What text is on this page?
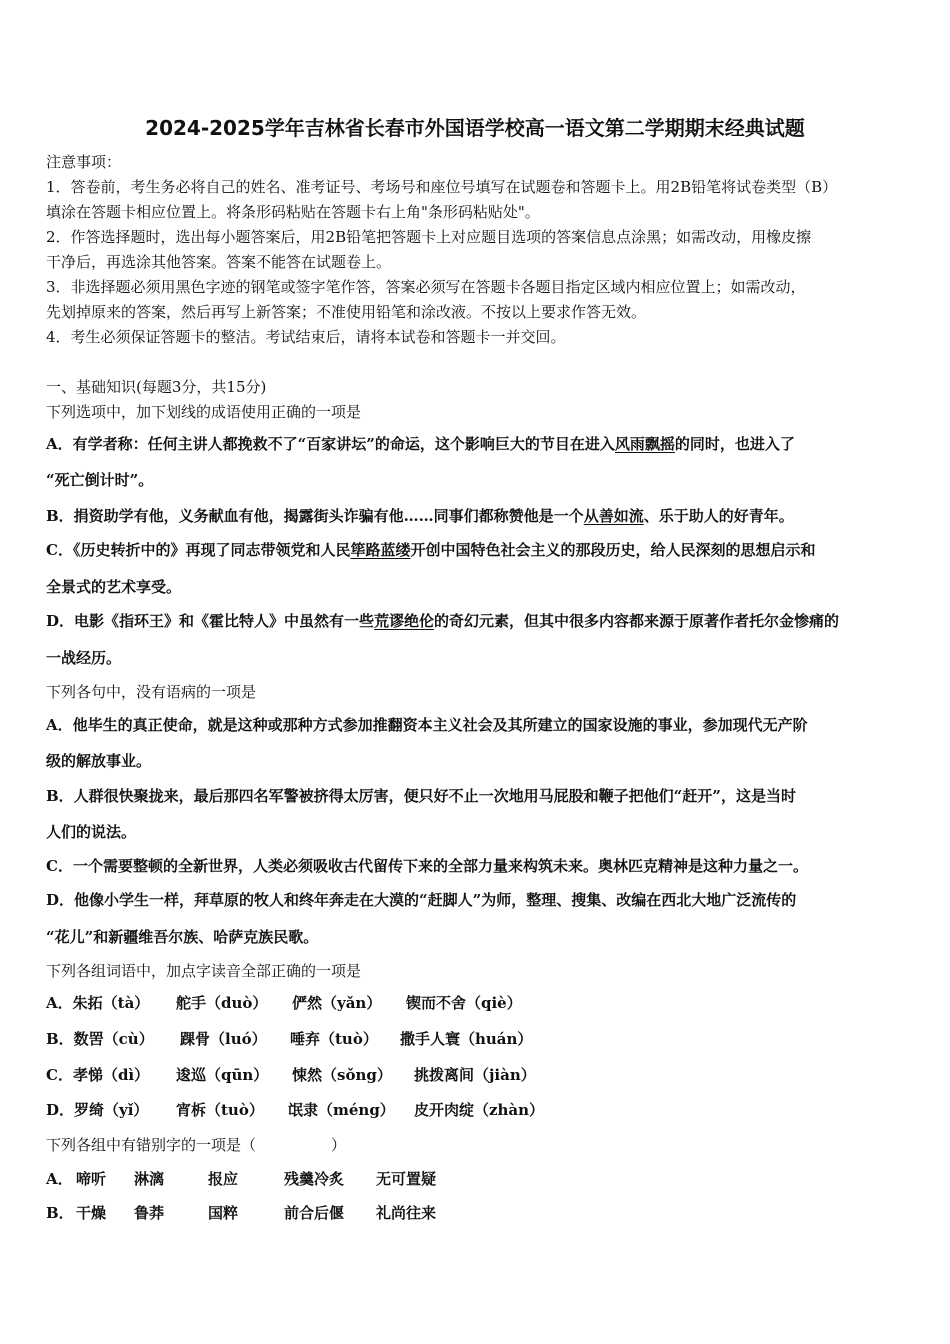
2024-2025学年吉林省长春市外国语学校高一语文第二学期期末经典试题
注意事项：
1．答卷前，考生务必将自己的姓名、准考证号、考场号和座位号填写在试题卷和答题卡上。用2B铅笔将试卷类型（B）
填涂在答题卡相应位置上。将条形码粘贴在答题卡右上角"条形码粘贴处"。
2．作答选择题时，选出每小题答案后，用2B铅笔把答题卡上对应题目选项的答案信息点涂黑；如需改动，用橡皮擦
干净后，再选涂其他答案。答案不能答在试题卷上。
3．非选择题必须用黑色字迹的钢笔或签字笔作答，答案必须写在答题卡各题目指定区域内相应位置上；如需改动，
先划掉原来的答案，然后再写上新答案；不准使用铅笔和涂改液。不按以上要求作答无效。
4．考生必须保证答题卡的整洁。考试结束后，请将本试卷和答题卡一并交回。
一、基础知识(每题3分，共15分)
下列选项中，加下划线的成语使用正确的一项是
A．有学者称：任何主讲人都挽救不了“百家讲坛”的命运，这个影响巨大的节目在进入风雨飘摇的同时，也进入了
“死亡倒计时”。
B．捐资助学有他，义务献血有他，揭露街头诈骗有他……同事们都称赞他是一个从善如流、乐于助人的好青年。
C．《历史转折中的》再现了同志带领党和人民筚路蓝缕开创中国特色社会主义的那段历史，给人民深刻的思想启示和
全景式的艺术享受。
D．电影《指环王》和《霍比特人》中虽然有一些荒谬绝伦的奇幻元素，但其中很多内容都来源于原著作者托尔金惨痛的
一战经历。
下列各句中，没有语病的一项是
A．他毕生的真正使命，就是这种或那种方式参加推翻资本主义社会及其所建立的国家设施的事业，参加现代无产阶
级的解放事业。
B．人群很快聚拢来，最后那四名军警被挤得太厉害，便只好不止一次地用马屁股和鞭子把他们“赶开”，这是当时
人们的说法。
C．一个需要整顿的全新世界，人类必须吸收古代留传下来的全部力量来构筑未来。奥林匹克精神是这种力量之一。
D．他像小学生一样，拜草原的牧人和终年奔走在大漠的“赶脚人”为师，整理、搜集、改编在西北大地广泛流传的
“花儿”和新疆维吾尔族、哈萨克族民歌。
下列各组词语中，加点字读音全部正确的一项是
A．朱拓（tà） 舵手（duò） 俨然（yǎn） 锲而不舍（qiè）
B．数罟（cù） 踝骨（luó） 唾弃（tuò） 撒手人寰（huán）
C．孝悌（dì） 逡巡（qūn） 悚然（sǒng） 挑拨离间（jiàn）
D．罗绮（yǐ） 宵柝（tuò） 氓隶（méng） 皮开肉绽（zhàn）
下列各组中有错别字的一项是（　　　　　）
A． 啼听 淋漓	报应	残羹冷炙 无可置疑
B． 干燥 鲁莽	国粹	前合后偃 礼尚往来
